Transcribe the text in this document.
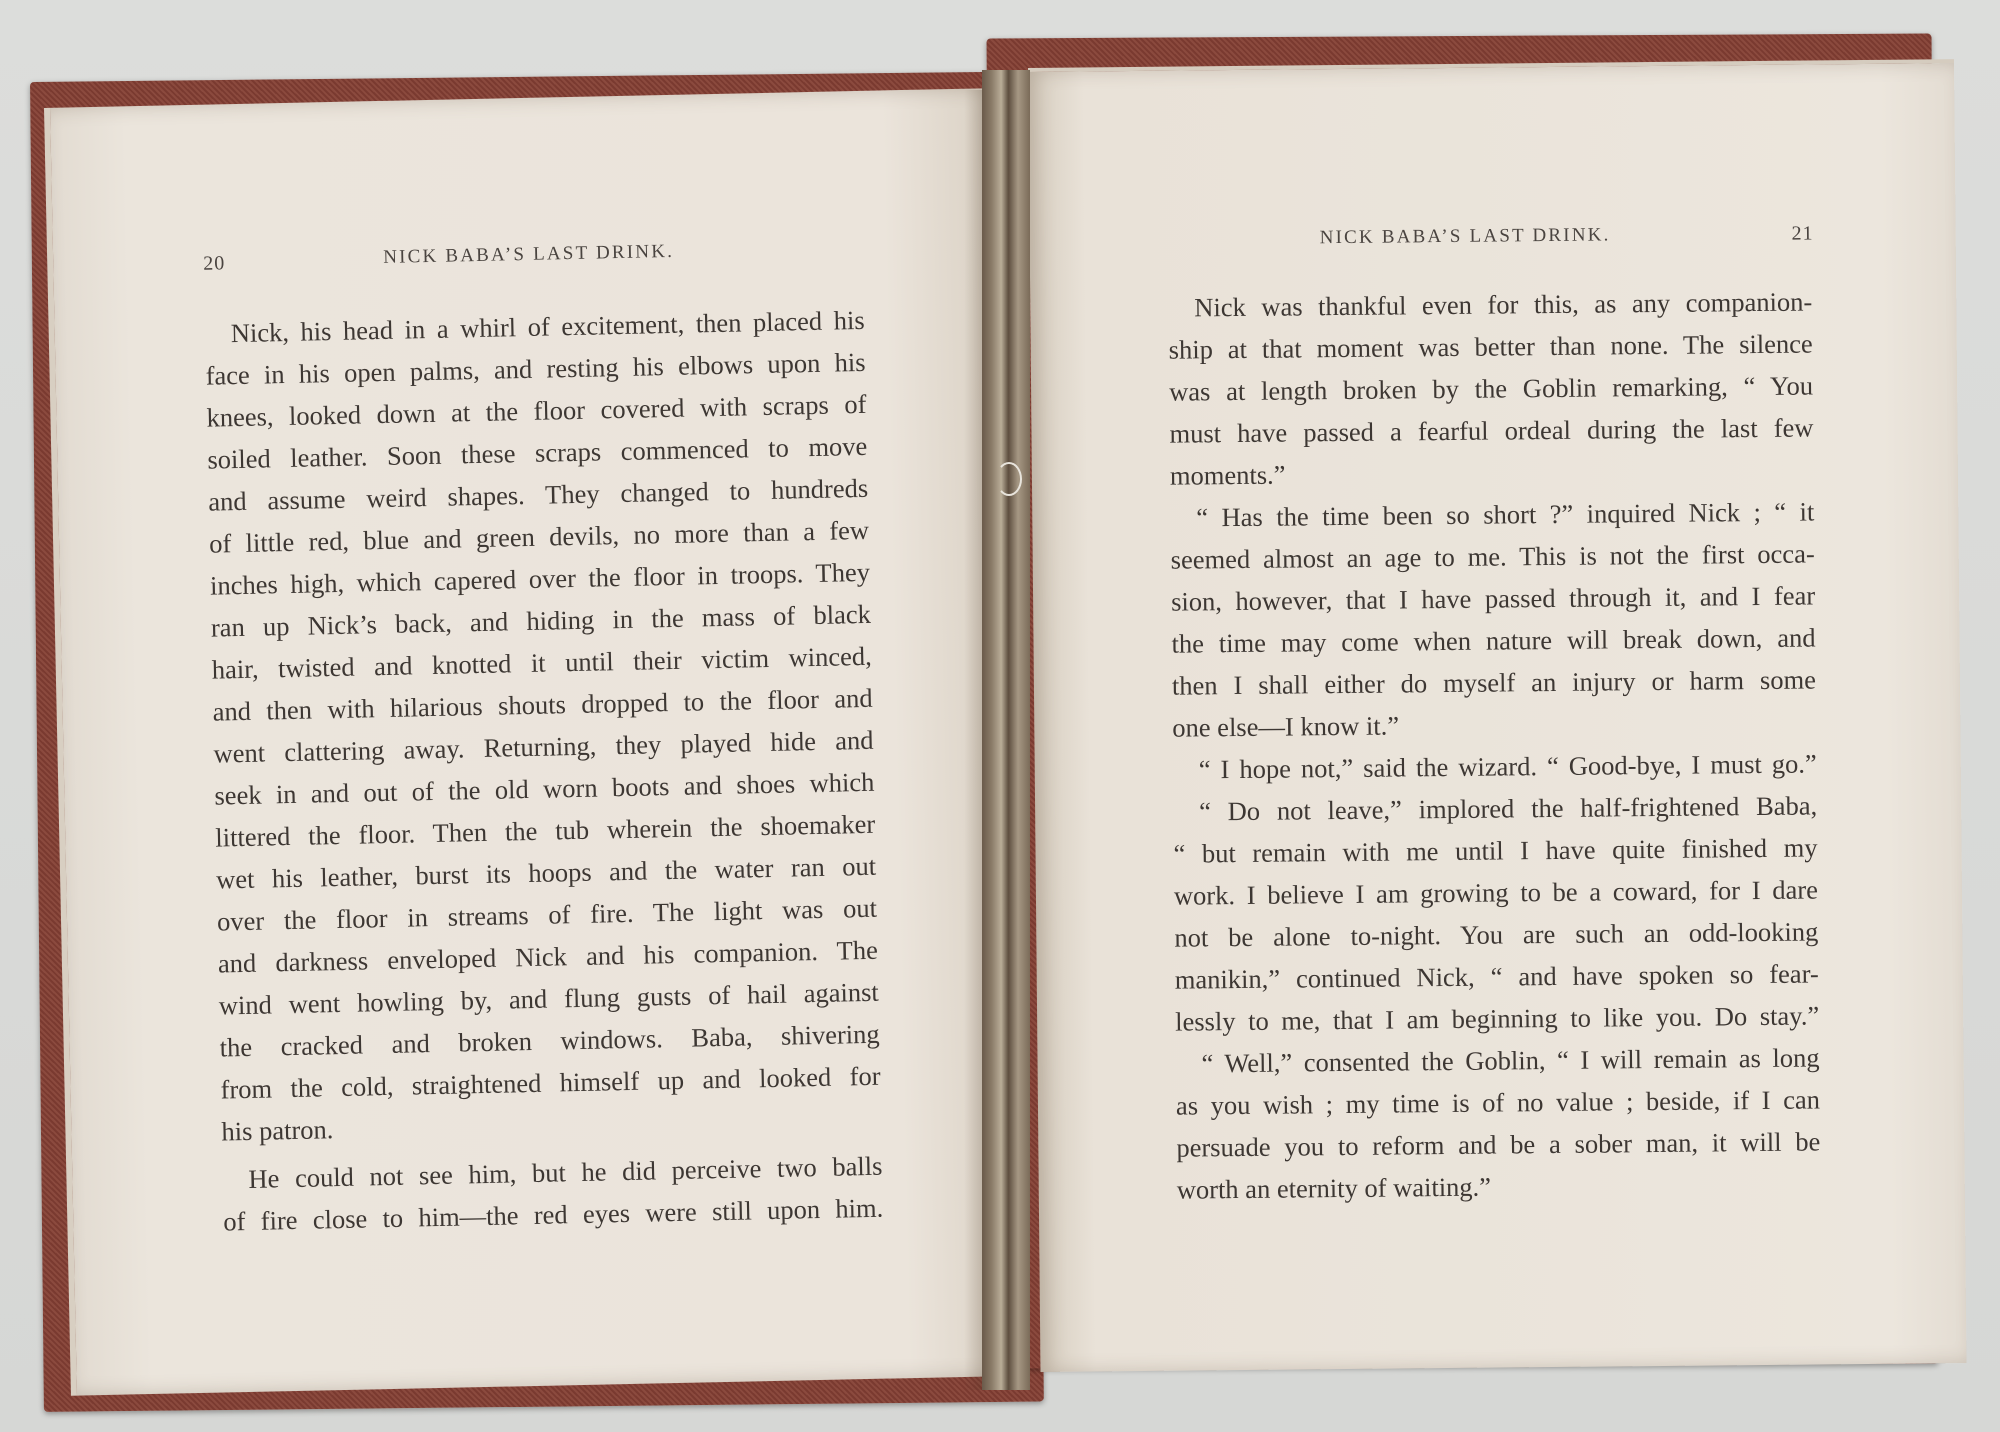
20	NICK BABA’S LAST DRINK.
Nick, his head in a whirl of excitement, then placed his
face in his open palms, and resting his elbows upon his
knees, looked down at the floor covered with scraps of
soiled leather. Soon these scraps commenced to move
and assume weird shapes. They changed to hundreds
of little red, blue and green devils, no more than a few
inches high, which capered over the floor in troops. They
ran up Nick’s back, and hiding in the mass of black
hair, twisted and knotted it until their victim winced,
and then with hilarious shouts dropped to the floor and
went clattering away. Returning, they played hide and
seek in and out of the old worn boots and shoes which
littered the floor. Then the tub wherein the shoemaker
wet his leather, burst its hoops and the water ran out
over the floor in streams of fire. The light was out
and darkness enveloped Nick and his companion. The
wind went howling by, and flung gusts of hail against
the cracked and broken windows. Baba, shivering
from the cold, straightened himself up and looked for
his patron.
He could not see him, but he did perceive two balls
of fire close to him—the red eyes were still upon him.
NICK BABA’S LAST DRINK.	21
Nick was thankful even for this, as any companion-
ship at that moment was better than none. The silence
was at length broken by the Goblin remarking, “ You
must have passed a fearful ordeal during the last few
moments.”
“ Has the time been so short ?” inquired Nick ; “ it
seemed almost an age to me. This is not the first occa-
sion, however, that I have passed through it, and I fear
the time may come when nature will break down, and
then I shall either do myself an injury or harm some
one else—I know it.”
“ I hope not,” said the wizard. “ Good-bye, I must go.”
“ Do not leave,” implored the half-frightened Baba,
“ but remain with me until I have quite finished my
work. I believe I am growing to be a coward, for I dare
not be alone to-night. You are such an odd-looking
manikin,” continued Nick, “ and have spoken so fear-
lessly to me, that I am beginning to like you. Do stay.”
“ Well,” consented the Goblin, “ I will remain as long
as you wish ; my time is of no value ; beside, if I can
persuade you to reform and be a sober man, it will be
worth an eternity of waiting.”
